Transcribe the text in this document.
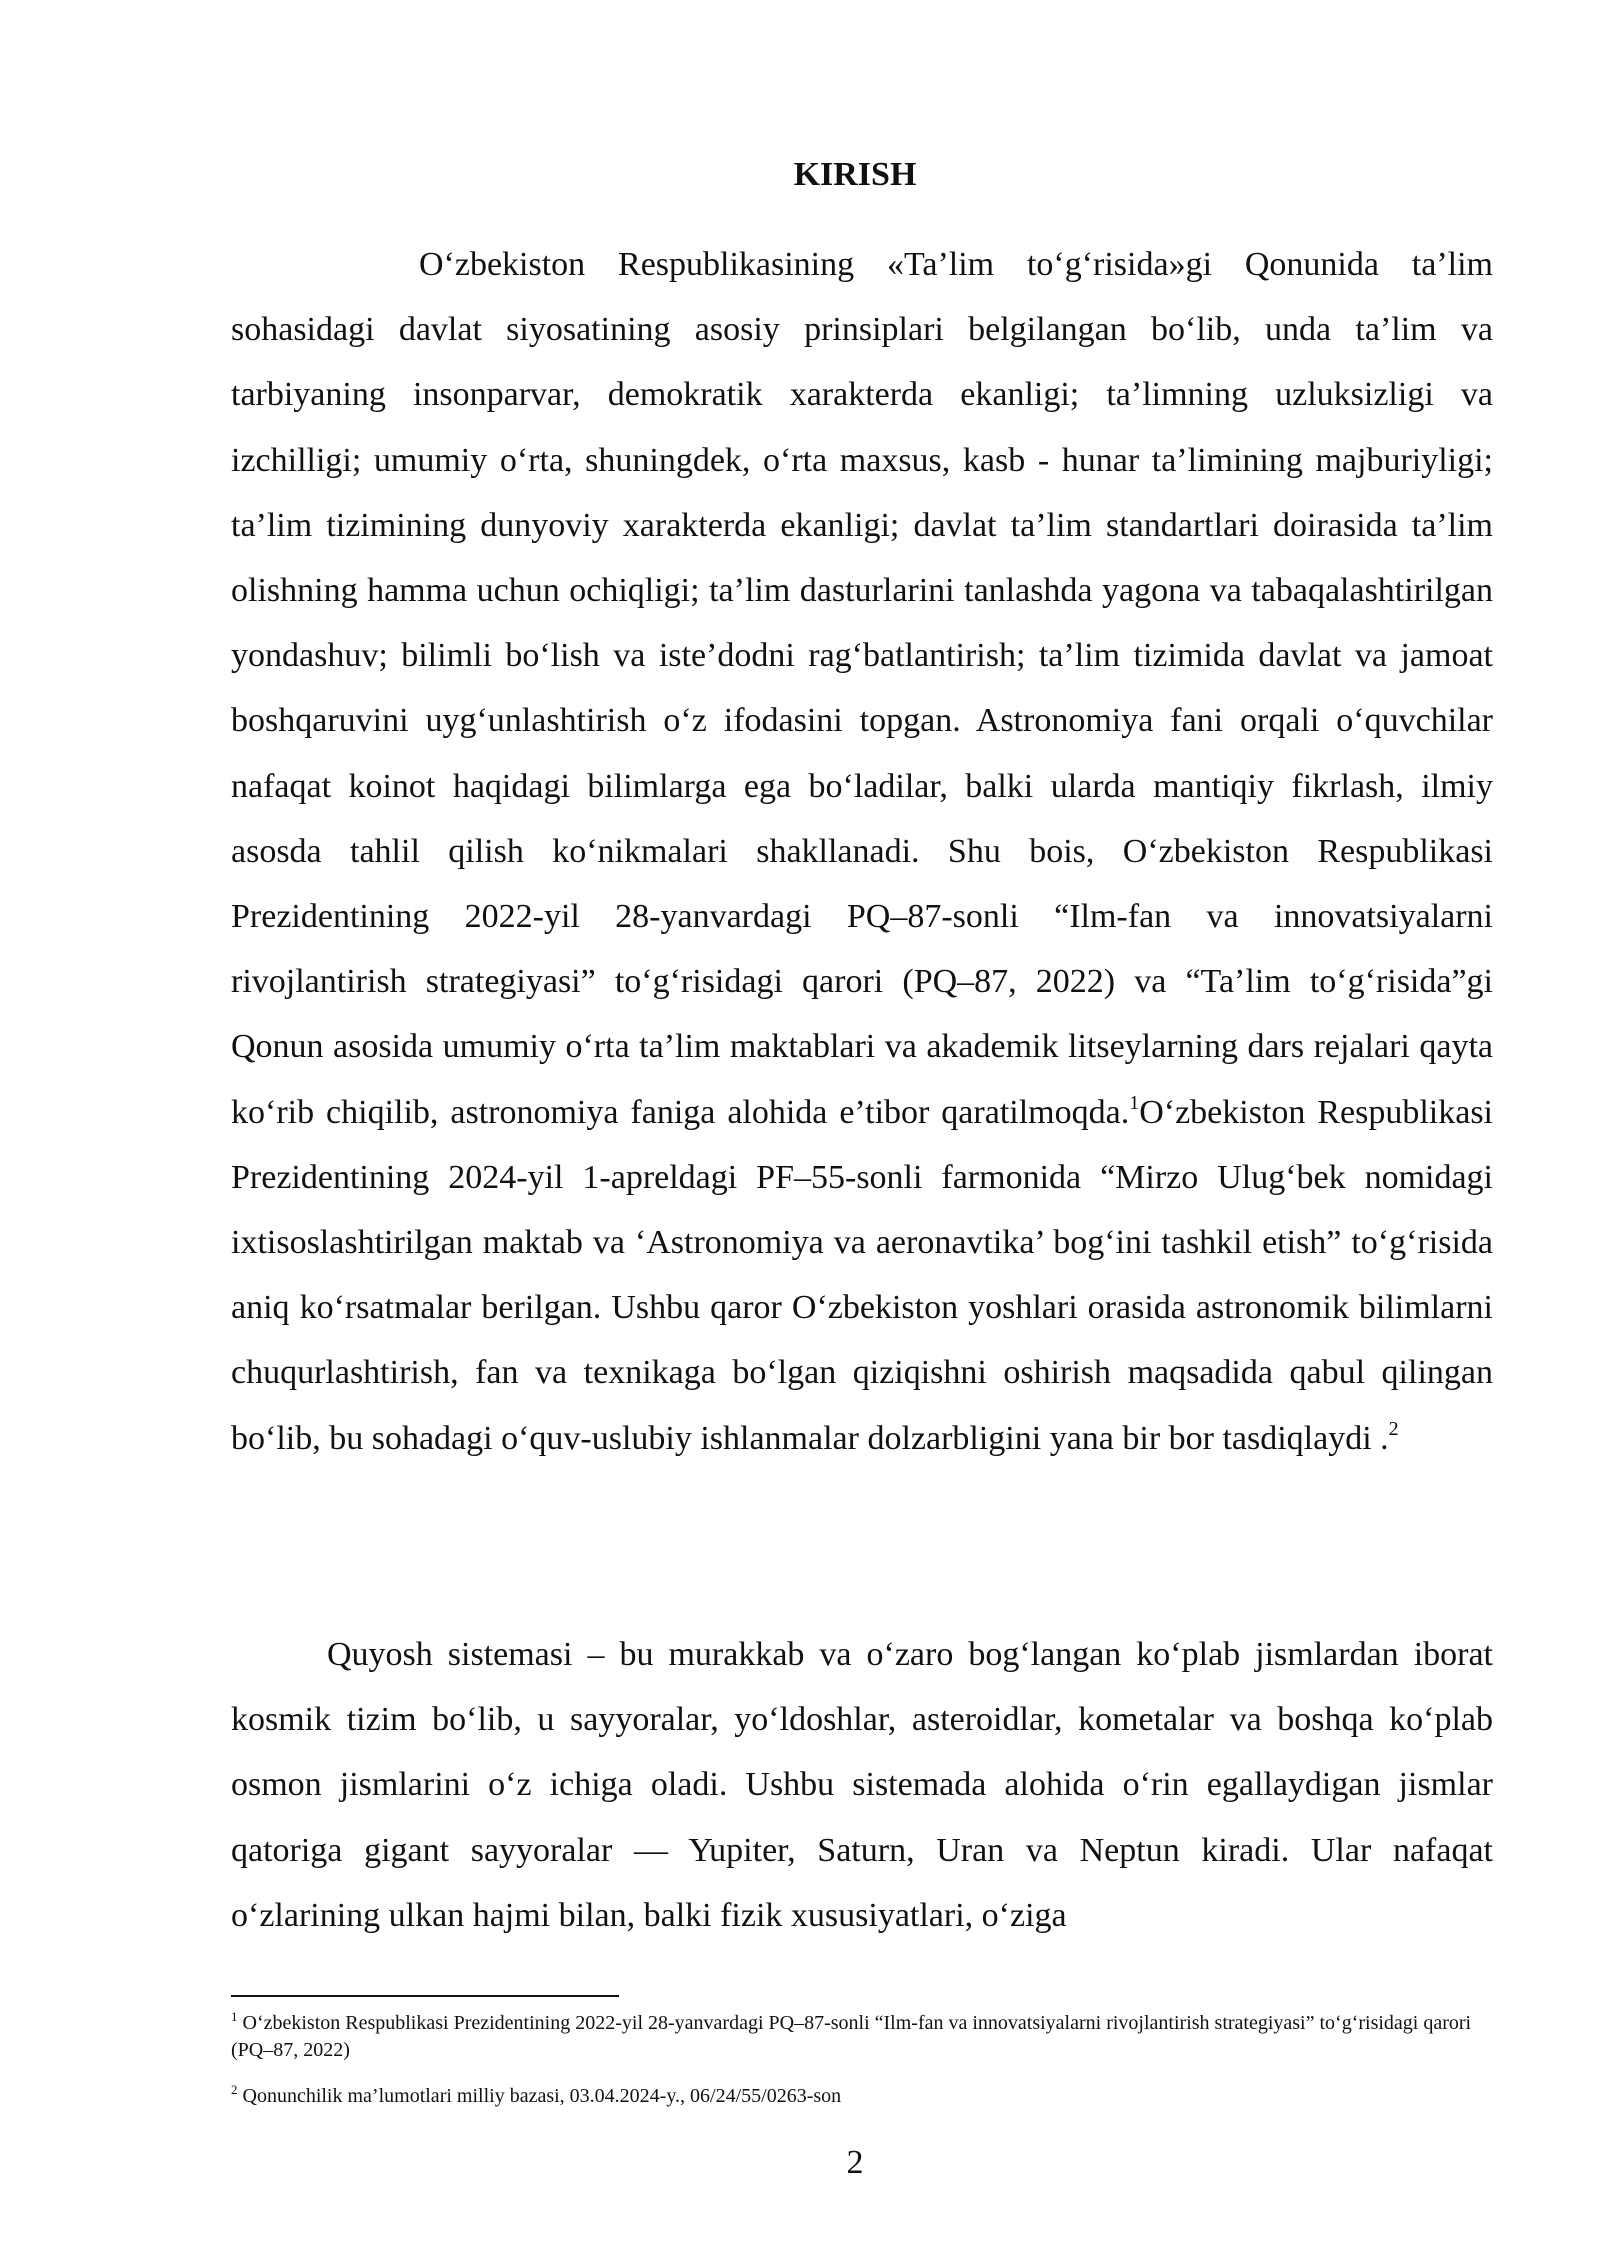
KIRISH

O‘zbekiston Respublikasining «Ta’lim to‘g‘risida»gi Qonunida ta’lim sohasidagi davlat siyosatining asosiy prinsiplari belgilangan bo‘lib, unda ta’lim va tarbiyaning insonparvar, demokratik xarakterda ekanligi; ta’limning uzluksizligi va izchilligi; umumiy o‘rta, shuningdek, o‘rta maxsus, kasb - hunar ta’limining majburiyligi; ta’lim tizimining dunyoviy xarakterda ekanligi; davlat ta’lim standartlari doirasida ta’lim olishning hamma uchun ochiqligi; ta’lim dasturlarini tanlashda yagona va tabaqalashtirilgan yondashuv; bilimli bo‘lish va iste’dodni rag‘batlantirish; ta’lim tizimida davlat va jamoat boshqaruvini uyg‘unlashtirish o‘z ifodasini topgan. Astronomiya fani orqali o‘quvchilar nafaqat koinot haqidagi bilimlarga ega bo‘ladilar, balki ularda mantiqiy fikrlash, ilmiy asosda tahlil qilish ko‘nikmalari shakllanadi. Shu bois, O‘zbekiston Respublikasi Prezidentining 2022-yil 28-yanvardagi PQ–87-sonli “Ilm-fan va innovatsiyalarni rivojlantirish strategiyasi” to‘g‘risidagi qarori (PQ–87, 2022) va “Ta’lim to‘g‘risida”gi Qonun asosida umumiy o‘rta ta’lim maktablari va akademik litseylarning dars rejalari qayta ko‘rib chiqilib, astronomiya faniga alohida e’tibor qaratilmoqda.$^1$O‘zbekiston Respublikasi Prezidentining 2024-yil 1-apreldagi PF–55-sonli farmonida “Mirzo Ulug‘bek nomidagi ixtisoslashtirilgan maktab va ‘Astronomiya va aeronavtika’ bog‘ini tashkil etish” to‘g‘risida aniq ko‘rsatmalar berilgan. Ushbu qaror O‘zbekiston yoshlari orasida astronomik bilimlarni chuqurlashtirish, fan va texnikaga bo‘lgan qiziqishni oshirish maqsadida qabul qilingan bo‘lib, bu sohadagi o‘quv-uslubiy ishlanmalar dolzarbligini yana bir bor tasdiqlaydi .$^2$

Quyosh sistemasi – bu murakkab va o‘zaro bog‘langan ko‘plab jismlardan iborat kosmik tizim bo‘lib, u sayyoralar, yo‘ldoshlar, asteroidlar, kometalar va boshqa ko‘plab osmon jismlarini o‘z ichiga oladi. Ushbu sistemada alohida o‘rin egallaydigan jismlar qatoriga gigant sayyoralar — Yupiter, Saturn, Uran va Neptun kiradi. Ular nafaqat o‘zlarining ulkan hajmi bilan, balki fizik xususiyatlari, o‘ziga

$^1$ O‘zbekiston Respublikasi Prezidentining 2022-yil 28-yanvardagi PQ–87-sonli “Ilm-fan va innovatsiyalarni rivojlantirish strategiyasi” to‘g‘risidagi qarori (PQ–87, 2022)

$^2$ Qonunchilik ma’lumotlari milliy bazasi, 03.04.2024-y., 06/24/55/0263-son

2
